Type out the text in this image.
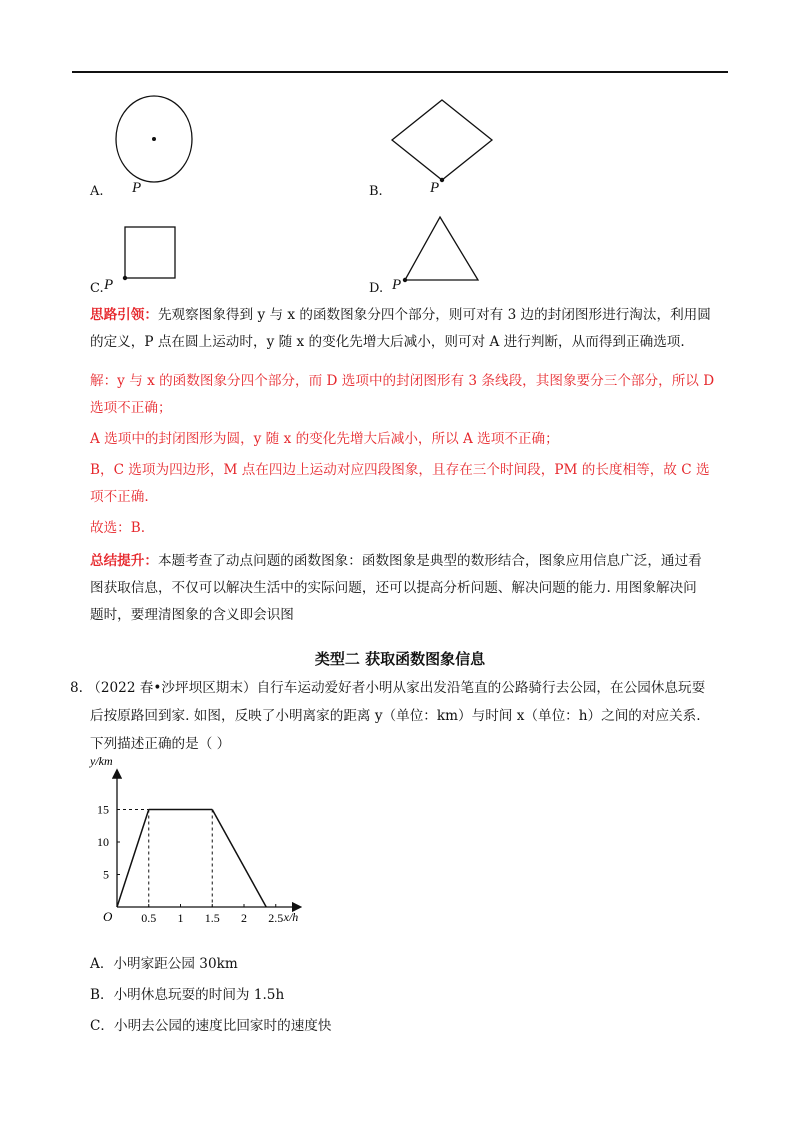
A. P	B.	P
C. P	D. P
思路引领：先观察图象得到 y 与 x 的函数图象分四个部分，则可对有 3 边的封闭图形进行淘汰，利用圆
的定义，P 点在圆上运动时，y 随 x 的变化先增大后减小，则可对 A 进行判断，从而得到正确选项.
解：y 与 x 的函数图象分四个部分，而 D 选项中的封闭图形有 3 条线段，其图象要分三个部分，所以 D
选项不正确；
A 选项中的封闭图形为圆，y 随 x 的变化先增大后减小，所以 A 选项不正确；
B，C 选项为四边形，M 点在四边上运动对应四段图象，且存在三个时间段，PM 的长度相等，故 C 选
项不正确.
故选：B.
总结提升：本题考查了动点问题的函数图象：函数图象是典型的数形结合，图象应用信息广泛，通过看
图获取信息，不仅可以解决生活中的实际问题，还可以提高分析问题、解决问题的能力. 用图象解决问
题时，要理清图象的含义即会识图
类型二 获取函数图象信息
8. （2022 春•沙坪坝区期末）自行车运动爱好者小明从家出发沿笔直的公路骑行去公园，在公园休息玩耍
后按原路回到家. 如图，反映了小明离家的距离 y（单位：km）与时间 x（单位：h）之间的对应关系.
下列描述正确的是（ ）
x/h
y/km
O 0.5 1 1.5 2 2.5
5
10
15
A．小明家距公园 30km
B．小明休息玩耍的时间为 1.5h
C．小明去公园的速度比回家时的速度快
